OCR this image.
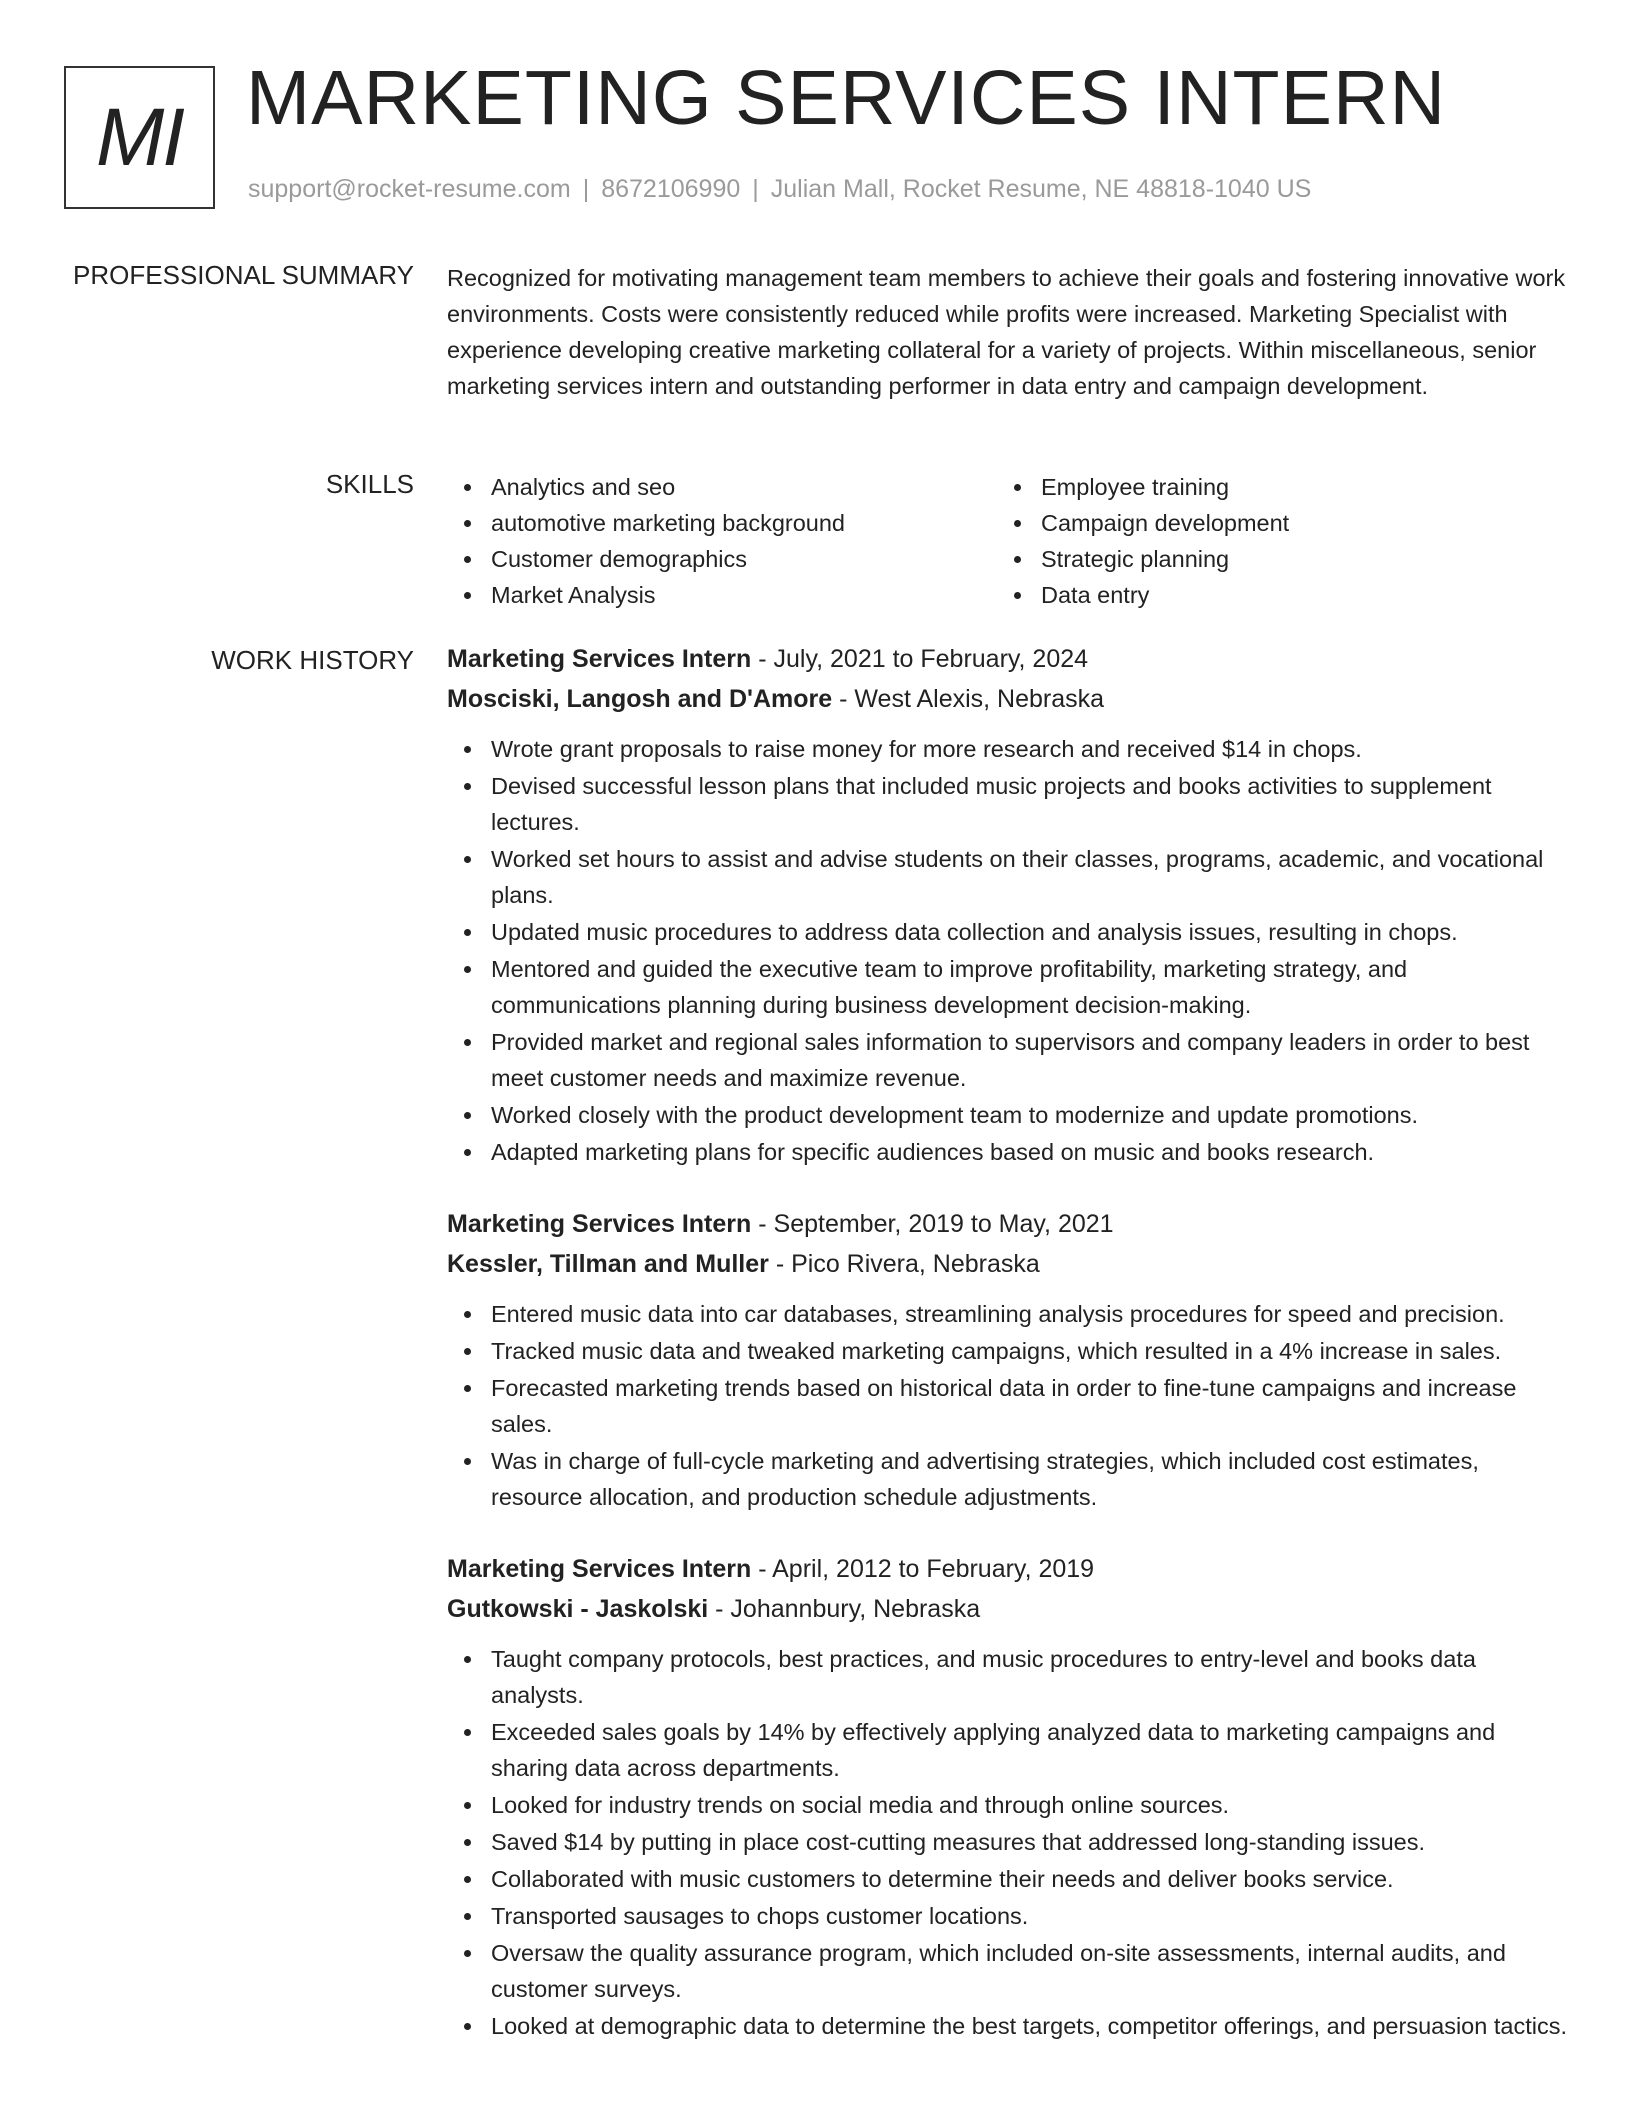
MI MARKETING SERVICES INTERN
support@rocket-resume.com | 8672106990 | Julian Mall, Rocket Resume, NE 48818-1040 US
PROFESSIONAL SUMMARY Recognized for motivating management team members to achieve their goals and fostering innovative work environments. Costs were consistently reduced while profits were increased. Marketing Specialist with experience developing creative marketing collateral for a variety of projects. Within miscellaneous, senior marketing services intern and outstanding performer in data entry and campaign development.

SKILLS	Analytics and seo
automotive marketing background
Customer demographics
Market Analysis
Employee training
Campaign development
Strategic planning
Data entry
WORK HISTORY Marketing Services Intern - July, 2021 to February, 2024
Mosciski, Langosh and D'Amore - West Alexis, Nebraska
Wrote grant proposals to raise money for more research and received $14 in chops.
Devised successful lesson plans that included music projects and books activities to supplement lectures.
Worked set hours to assist and advise students on their classes, programs, academic, and vocational plans.
Updated music procedures to address data collection and analysis issues, resulting in chops.
Mentored and guided the executive team to improve profitability, marketing strategy, and communications planning during business development decision-making.
Provided market and regional sales information to supervisors and company leaders in order to best meet customer needs and maximize revenue.
Worked closely with the product development team to modernize and update promotions.
Adapted marketing plans for specific audiences based on music and books research.
Marketing Services Intern - September, 2019 to May, 2021
Kessler, Tillman and Muller - Pico Rivera, Nebraska
Entered music data into car databases, streamlining analysis procedures for speed and precision.
Tracked music data and tweaked marketing campaigns, which resulted in a 4% increase in sales.
Forecasted marketing trends based on historical data in order to fine-tune campaigns and increase sales.
Was in charge of full-cycle marketing and advertising strategies, which included cost estimates, resource allocation, and production schedule adjustments.
Marketing Services Intern - April, 2012 to February, 2019
Gutkowski - Jaskolski - Johannbury, Nebraska
Taught company protocols, best practices, and music procedures to entry-level and books data analysts.
Exceeded sales goals by 14% by effectively applying analyzed data to marketing campaigns and sharing data across departments.
Looked for industry trends on social media and through online sources.
Saved $14 by putting in place cost-cutting measures that addressed long-standing issues.
Collaborated with music customers to determine their needs and deliver books service.
Transported sausages to chops customer locations.
Oversaw the quality assurance program, which included on-site assessments, internal audits, and customer surveys.
Looked at demographic data to determine the best targets, competitor offerings, and persuasion tactics.
